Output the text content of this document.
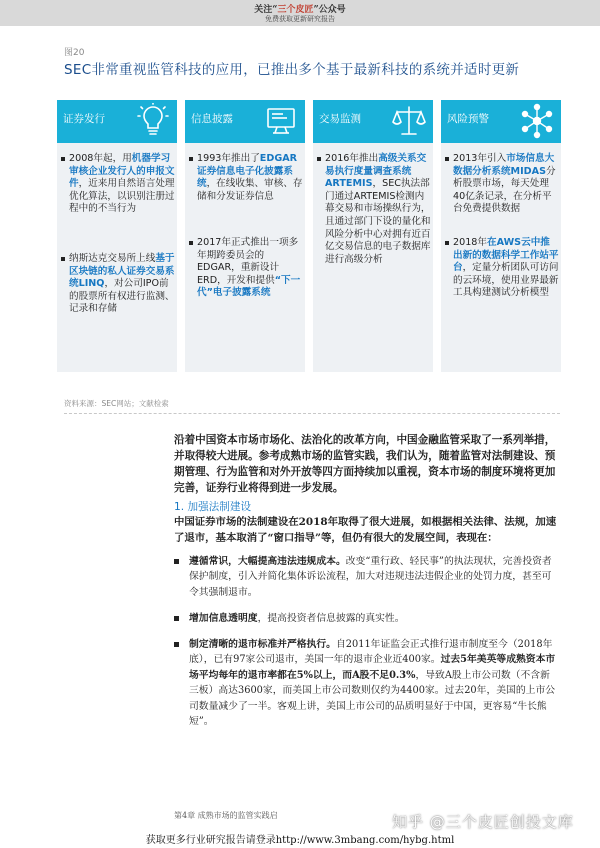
关注“三个皮匠”公众号
免费获取更新研究报告
图20
SEC非常重视监管科技的应用，已推出多个基于最新科技的系统并适时更新
证券发行
2008年起，用机器学习审核企业发行人的申报文件，近来用自然语言处理优化算法，以识别注册过程中的不当行为
纳斯达克交易所上线基于区块链的私人证券交易系统LINQ，对公司IPO前的股票所有权进行监测、记录和存储
信息披露
1993年推出了EDGAR证券信息电子化披露系统，在线收集、审核、存储和分发证券信息
2017年正式推出一项多年期跨委员会的EDGAR，重新设计ERD，开发和提供“下一代”电子披露系统
交易监测
2016年推出高级关系交易执行度量调查系统ARTEMIS，SEC执法部门通过ARTEMIS检测内幕交易和市场操纵行为，且通过部门下设的量化和风险分析中心对拥有近百亿交易信息的电子数据库进行高级分析
风险预警
2013年引入市场信息大数据分析系统MIDAS分析股票市场，每天处理40亿条记录，在分析平台免费提供数据
2018年在AWS云中推出新的数据科学工作站平台，定量分析团队可访问的云环境，使用业界最新工具构建测试分析模型
资料来源：SEC网站；文献检索
沿着中国资本市场市场化、法治化的改革方向，中国金融监管采取了一系列举措，并取得较大进展。参考成熟市场的监管实践，我们认为，随着监管对法制建设、预期管理、行为监管和对外开放等四方面持续加以重视，资本市场的制度环境将更加完善，证券行业将得到进一步发展。
1. 加强法制建设
中国证券市场的法制建设在2018年取得了很大进展，如根据相关法律、法规，加速了退市，基本取消了“窗口指导”等，但仍有很大的发展空间，表现在：
遵循常识，大幅提高违法违规成本。改变“重行政、轻民事”的执法现状，完善投资者保护制度，引入并简化集体诉讼流程，加大对违规违法违假企业的处罚力度，甚至可令其强制退市。
增加信息透明度，提高投资者信息披露的真实性。
制定清晰的退市标准并严格执行。自2011年证监会正式推行退市制度至今（2018年底），已有97家公司退市，美国一年的退市企业近400家。过去5年美英等成熟资本市场平均每年的退市率都在5%以上，而A股不足0.3%，导致A股上市公司数（不含新三板）高达3600家，而美国上市公司数则仅约为4400家。过去20年，美国的上市公司数量减少了一半。客观上讲，美国上市公司的品质明显好于中国，更容易“牛长熊短”。
第4章 成熟市场的监管实践启	知乎 @三个皮匠创投文库
获取更多行业研究报告请登录http://www.3mbang.com/hybg.html
